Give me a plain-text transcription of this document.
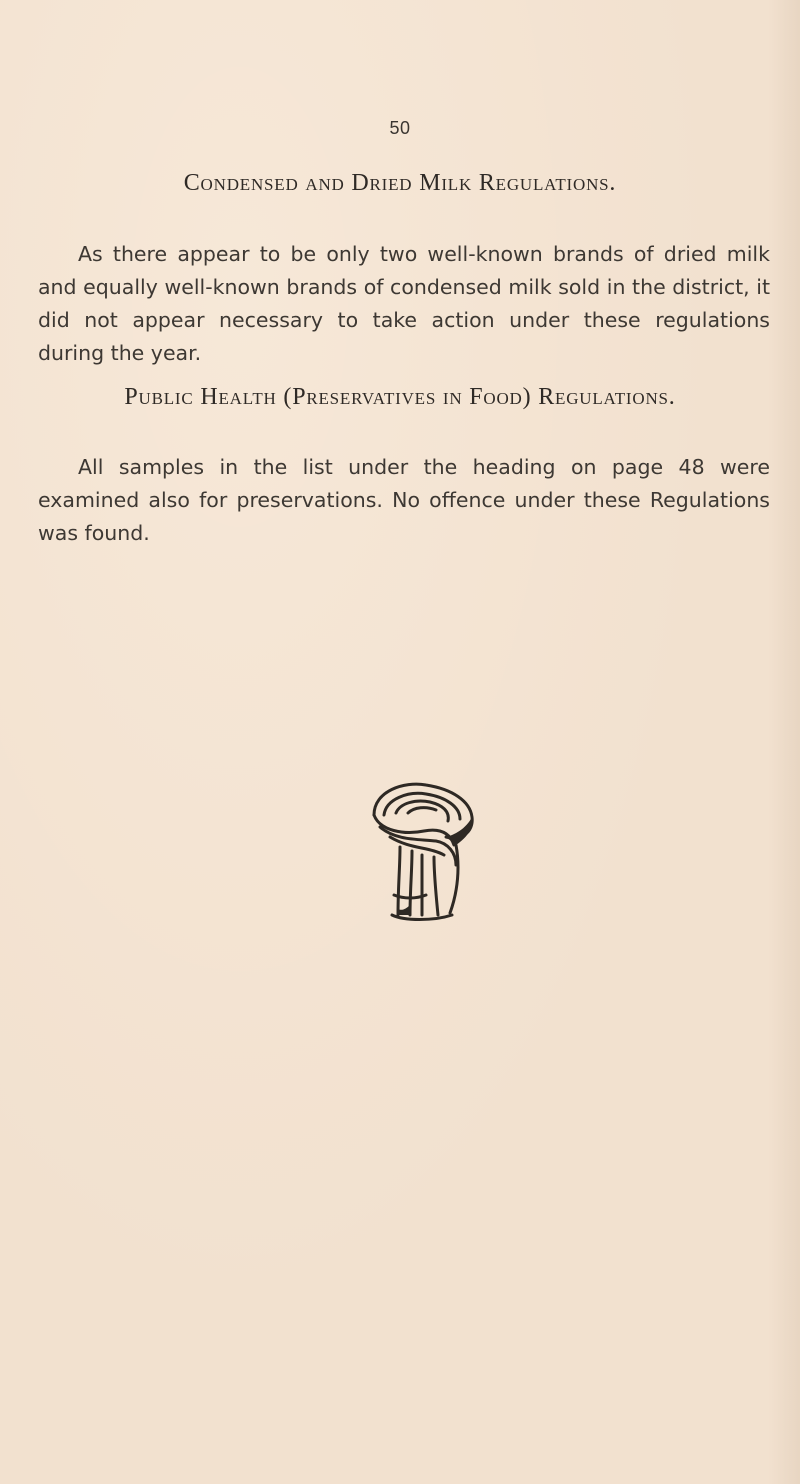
50
Condensed and Dried Milk Regulations.

As there appear to be only two well-known brands of dried milk and equally well-known brands of condensed milk sold in the district, it did not appear necessary to take action under these regulations during the year.

Public Health (Preservatives in Food) Regulations.

All samples in the list under the heading on page 48 were examined also for preservations. No offence under these Regulations was found.
